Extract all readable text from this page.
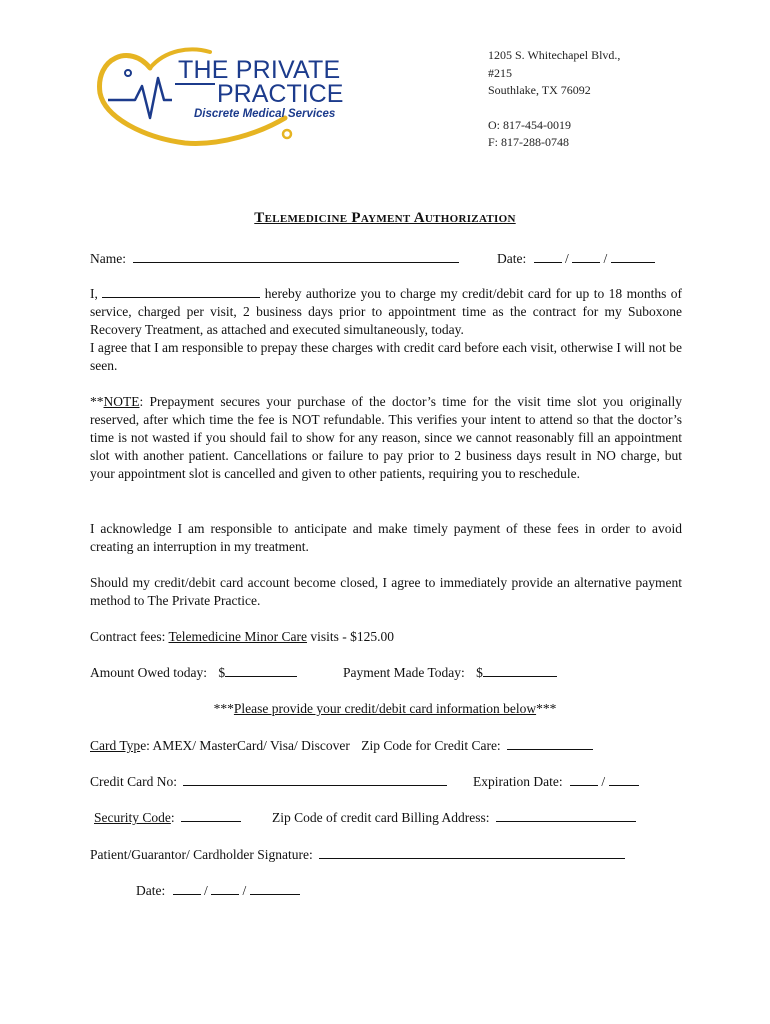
THE PRIVATE
PRACTICE
Discrete Medical Services
1205 S. Whitechapel Blvd.,
#215
Southlake, TX 76092
O: 817-454-0019
F: 817-288-0748
Telemedicine Payment Authorization
Name:	Date:	/	/
I,	hereby authorize you to charge my credit/debit card for up to 18 months of service, charged per visit, 2 business days prior to appointment time as the contract for my Suboxone Recovery Treatment, as attached and executed simultaneously, today.
I agree that I am responsible to prepay these charges with credit card before each visit, otherwise I will not be seen.
**NOTE: Prepayment secures your purchase of the doctor’s time for the visit time slot you originally reserved, after which time the fee is NOT refundable. This verifies your intent to attend so that the doctor’s time is not wasted if you should fail to show for any reason, since we cannot reasonably fill an appointment slot with another patient. Cancellations or failure to pay prior to 2 business days result in NO charge, but your appointment slot is cancelled and given to other patients, requiring you to reschedule.
I acknowledge I am responsible to anticipate and make timely payment of these fees in order to avoid creating an interruption in my treatment.
Should my credit/debit card account become closed, I agree to immediately provide an alternative payment method to The Private Practice.
Contract fees: Telemedicine Minor Care visits - $125.00
Amount Owed today: $	Payment Made Today: $
***Please provide your credit/debit card information below***
Card Type: AMEX/ MasterCard/ Visa/ Discover Zip Code for Credit Care:
Credit Card No:	Expiration Date:	/
Security Code:	Zip Code of credit card Billing Address:
Patient/Guarantor/ Cardholder Signature:
Date:	/	/
